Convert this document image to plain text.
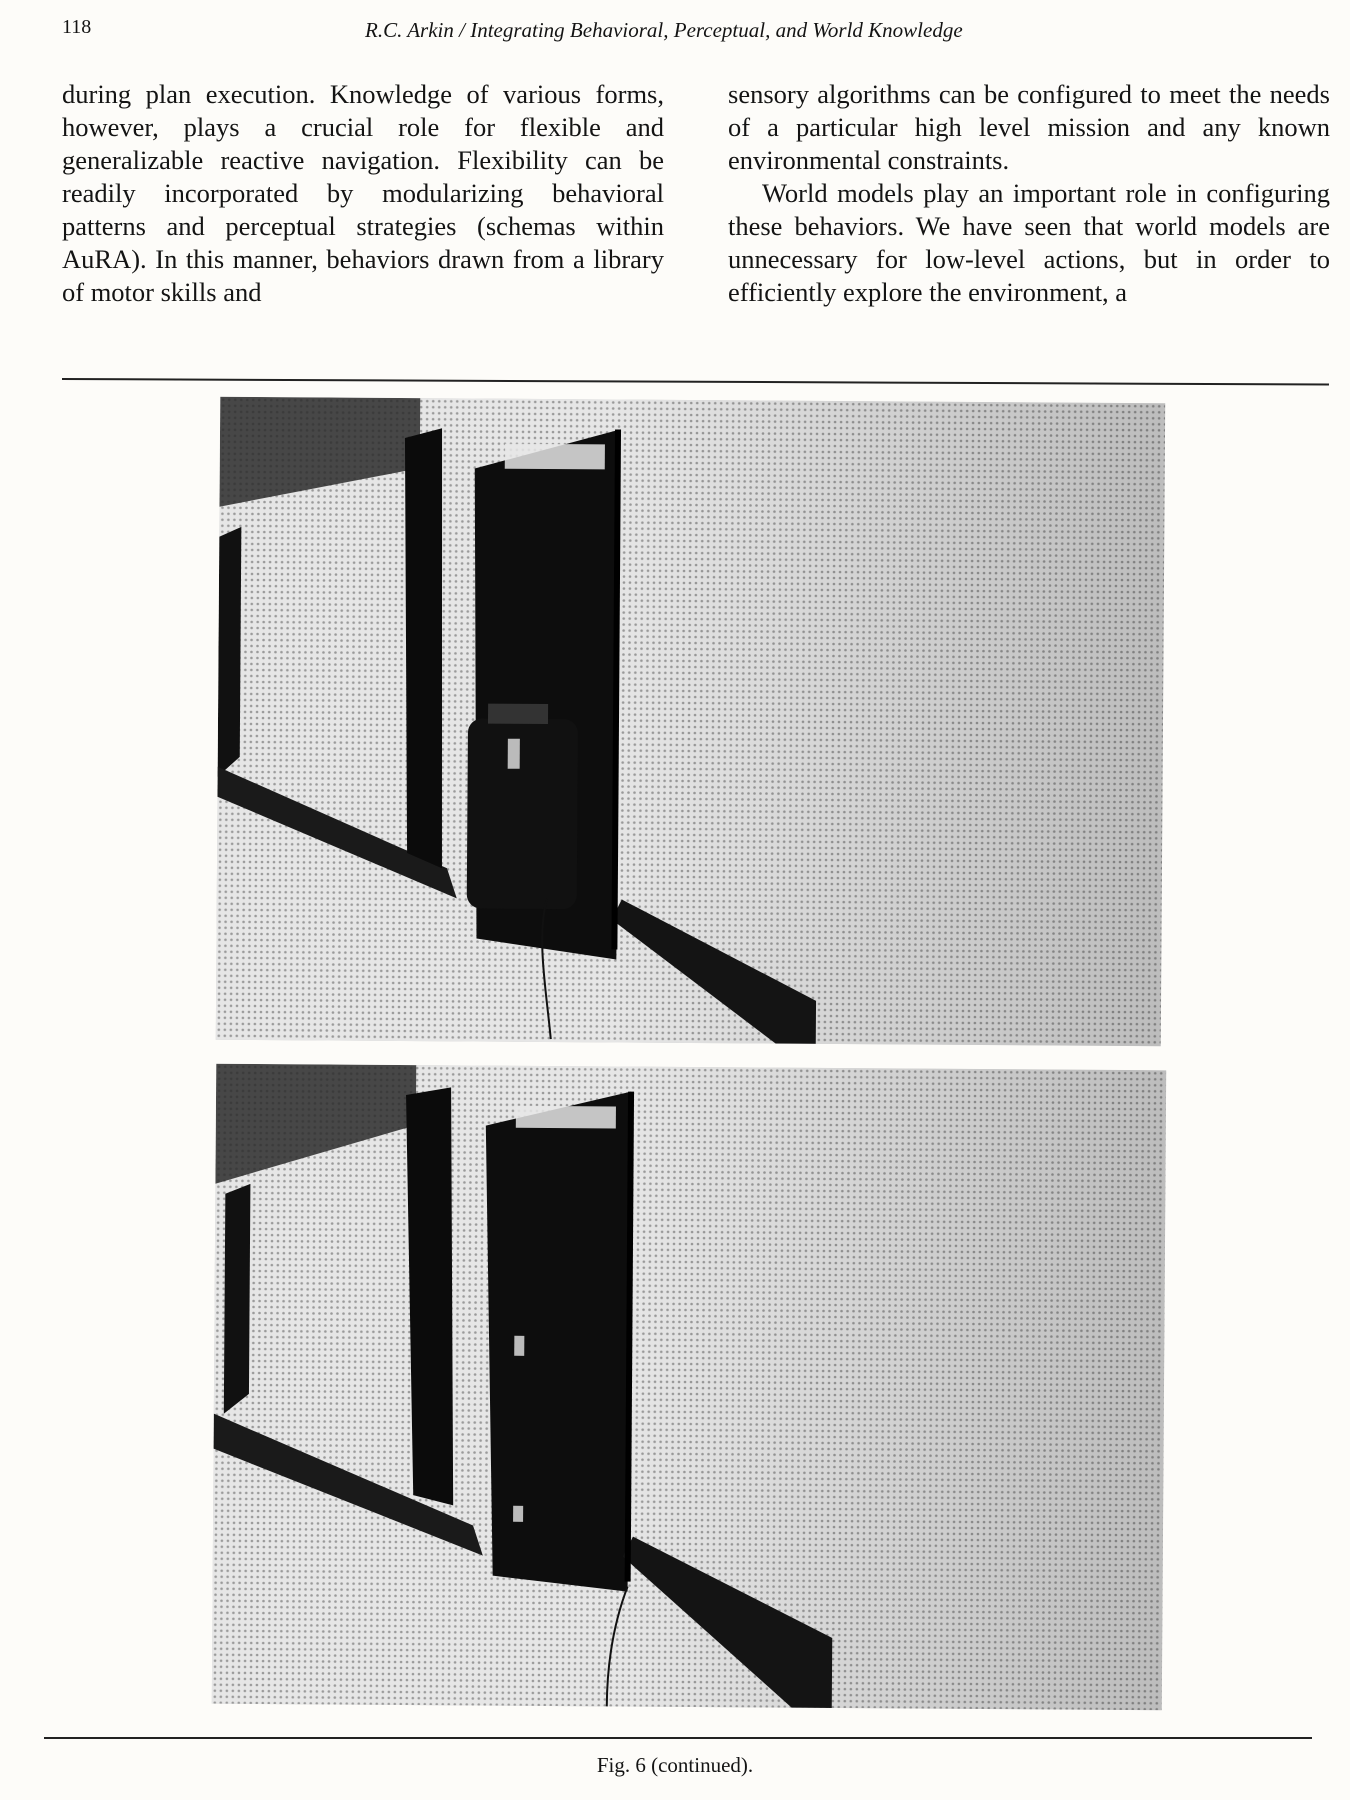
118	R.C. Arkin / Integrating Behavioral, Perceptual, and World Knowledge

during plan execution. Knowledge of various forms, however, plays a crucial role for flexible and generalizable reactive navigation. Flexibility can be readily incorporated by modularizing behavioral patterns and perceptual strategies (schemas within AuRA). In this manner, behaviors drawn from a library of motor skills and

sensory algorithms can be configured to meet the needs of a particular high level mission and any known environmental constraints.

World models play an important role in configuring these behaviors. We have seen that world models are unnecessary for low-level actions, but in order to efficiently explore the environment, a

Fig. 6 (continued).
